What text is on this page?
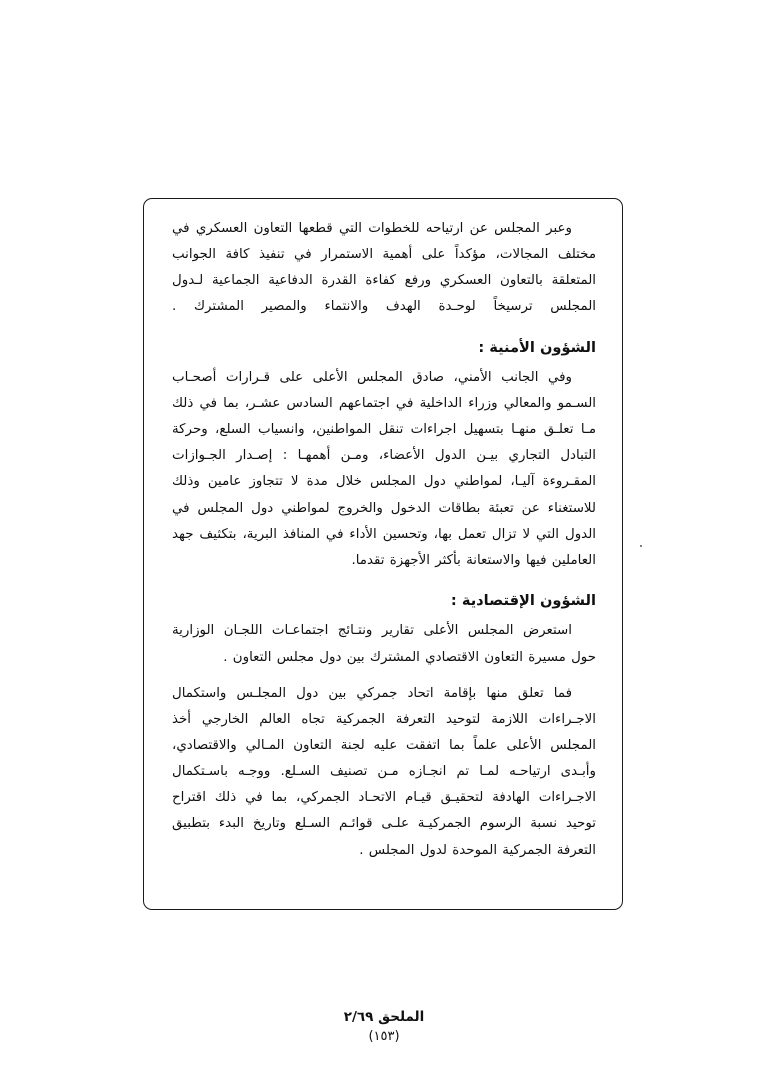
وعبر المجلس عن ارتياحه للخطوات التي قطعها التعاون العسكري في مختلف المجالات، مؤكداً على أهمية الاستمرار في تنفيذ كافة الجوانب المتعلقة بالتعاون العسكري ورفع كفاءة القدرة الدفاعية الجماعية لـدول المجلس ترسيخاً لوحـدة الهدف والانتماء والمصير المشترك .

الشؤون الأمنية :

وفي الجانب الأمني، صادق المجلس الأعلى على قـرارات أصحـاب السـمو والمعالي وزراء الداخلية في اجتماعهم السادس عشـر، بما في ذلك مـا تعلـق منهـا بتسهيل اجراءات تنقل المواطنين، وانسياب السلع، وحركة التبادل التجاري بيـن الدول الأعضاء، ومـن أهمهـا : إصـدار الجـوازات المقـروءة آليـا، لمواطني دول المجلس خلال مدة لا تتجاوز عامين وذلك للاستغناء عن تعبئة بطاقات الدخول والخروج لمواطني دول المجلس في الدول التي لا تزال تعمل بها، وتحسين الأداء في المنافذ البرية، بتكثيف جهد العاملين فيها والاستعانة بأكثر الأجهزة تقدما.

الشؤون الإقتصادية :

استعرض المجلس الأعلى تقارير ونتـائج اجتماعـات اللجـان الوزارية حول مسيرة التعاون الاقتصادي المشترك بين دول مجلس التعاون .

فما تعلق منها بإقامة اتحاد جمركي بين دول المجلـس واستكمال الاجـراءات اللازمة لتوحيد التعرفة الجمركية تجاه العالم الخارجي أخذ المجلس الأعلى علماً بما اتفقت عليه لجنة التعاون المـالي والاقتصادي، وأبـدى ارتياحـه لمـا تم انجـازه مـن تصنيف السـلع. ووجـه باسـتكمال الاجـراءات الهادفة لتحقيـق قيـام الاتحـاد الجمركي، بما في ذلك اقتراح توحيد نسبة الرسوم الجمركيـة علـى قوائـم السـلع وتاريخ البدء بتطبيق التعرفة الجمركية الموحدة لدول المجلس .

الملحق ٢/٦٩
(١٥٣)
